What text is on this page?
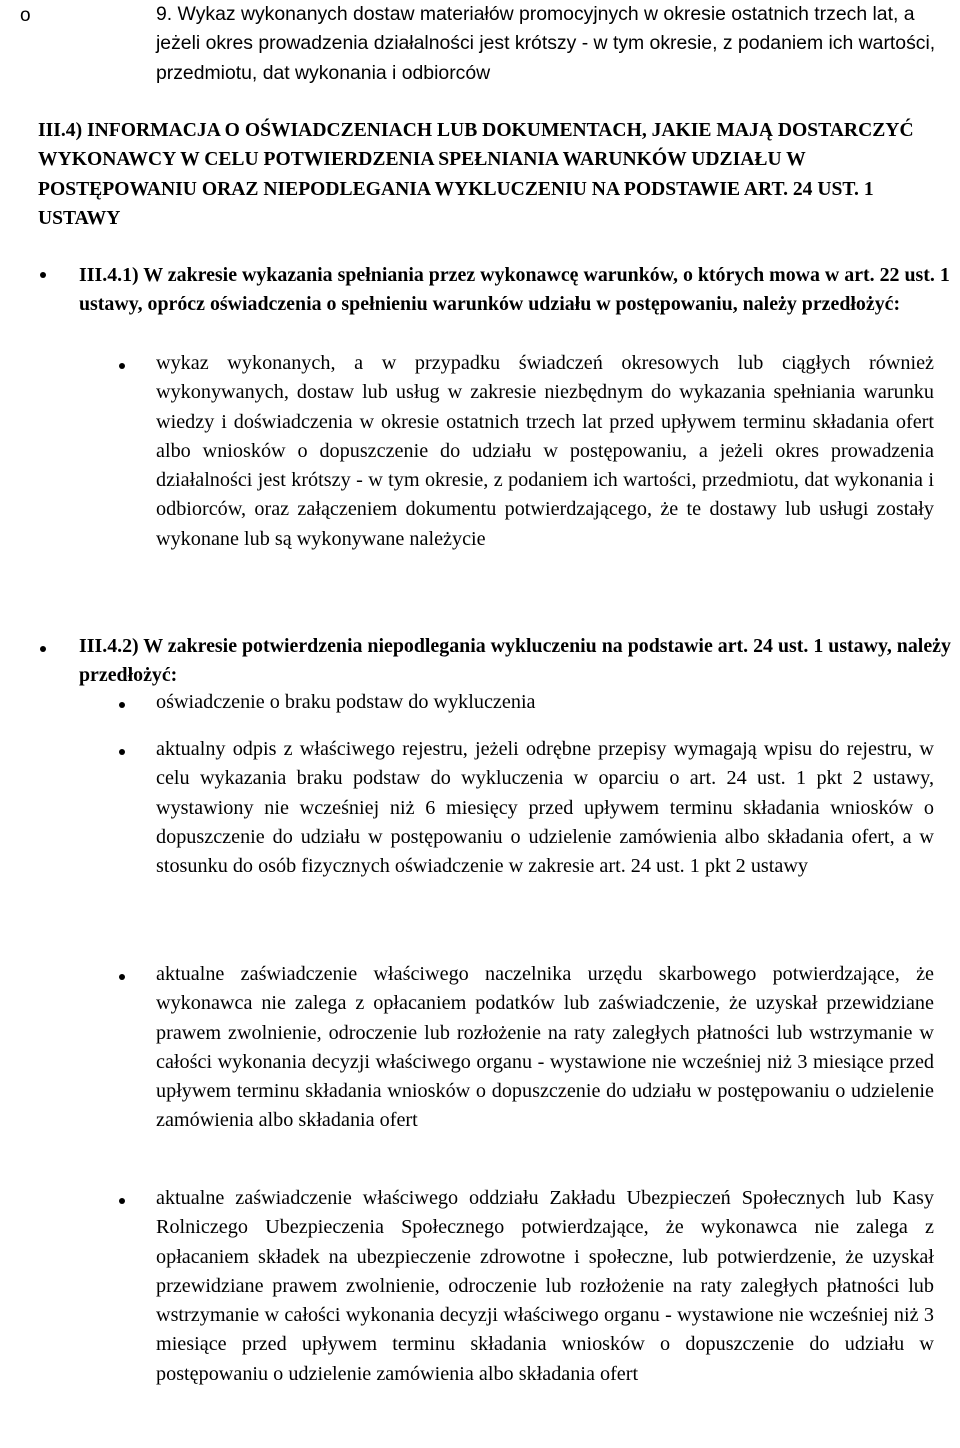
o	9. Wykaz wykonanych dostaw materiałów promocyjnych w okresie ostatnich trzech lat, a jeżeli okres prowadzenia działalności jest krótszy - w tym okresie, z podaniem ich wartości, przedmiotu, dat wykonania i odbiorców
III.4) INFORMACJA O OŚWIADCZENIACH LUB DOKUMENTACH, JAKIE MAJĄ DOSTARCZYĆ WYKONAWCY W CELU POTWIERDZENIA SPEŁNIANIA WARUNKÓW UDZIAŁU W POSTĘPOWANIU ORAZ NIEPODLEGANIA WYKLUCZENIU NA PODSTAWIE ART. 24 UST. 1 USTAWY
III.4.1) W zakresie wykazania spełniania przez wykonawcę warunków, o których mowa w art. 22 ust. 1 ustawy, oprócz oświadczenia o spełnieniu warunków udziału w postępowaniu, należy przedłożyć:
wykaz wykonanych, a w przypadku świadczeń okresowych lub ciągłych również wykonywanych, dostaw lub usług w zakresie niezbędnym do wykazania spełniania warunku wiedzy i doświadczenia w okresie ostatnich trzech lat przed upływem terminu składania ofert albo wniosków o dopuszczenie do udziału w postępowaniu, a jeżeli okres prowadzenia działalności jest krótszy - w tym okresie, z podaniem ich wartości, przedmiotu, dat wykonania i odbiorców, oraz załączeniem dokumentu potwierdzającego, że te dostawy lub usługi zostały wykonane lub są wykonywane należycie
III.4.2) W zakresie potwierdzenia niepodlegania wykluczeniu na podstawie art. 24 ust. 1 ustawy, należy przedłożyć:
oświadczenie o braku podstaw do wykluczenia
aktualny odpis z właściwego rejestru, jeżeli odrębne przepisy wymagają wpisu do rejestru, w celu wykazania braku podstaw do wykluczenia w oparciu o art. 24 ust. 1 pkt 2 ustawy, wystawiony nie wcześniej niż 6 miesięcy przed upływem terminu składania wniosków o dopuszczenie do udziału w postępowaniu o udzielenie zamówienia albo składania ofert, a w stosunku do osób fizycznych oświadczenie w zakresie art. 24 ust. 1 pkt 2 ustawy
aktualne zaświadczenie właściwego naczelnika urzędu skarbowego potwierdzające, że wykonawca nie zalega z opłacaniem podatków lub zaświadczenie, że uzyskał przewidziane prawem zwolnienie, odroczenie lub rozłożenie na raty zaległych płatności lub wstrzymanie w całości wykonania decyzji właściwego organu - wystawione nie wcześniej niż 3 miesiące przed upływem terminu składania wniosków o dopuszczenie do udziału w postępowaniu o udzielenie zamówienia albo składania ofert
aktualne zaświadczenie właściwego oddziału Zakładu Ubezpieczeń Społecznych lub Kasy Rolniczego Ubezpieczenia Społecznego potwierdzające, że wykonawca nie zalega z opłacaniem składek na ubezpieczenie zdrowotne i społeczne, lub potwierdzenie, że uzyskał przewidziane prawem zwolnienie, odroczenie lub rozłożenie na raty zaległych płatności lub wstrzymanie w całości wykonania decyzji właściwego organu - wystawione nie wcześniej niż 3 miesiące przed upływem terminu składania wniosków o dopuszczenie do udziału w postępowaniu o udzielenie zamówienia albo składania ofert
